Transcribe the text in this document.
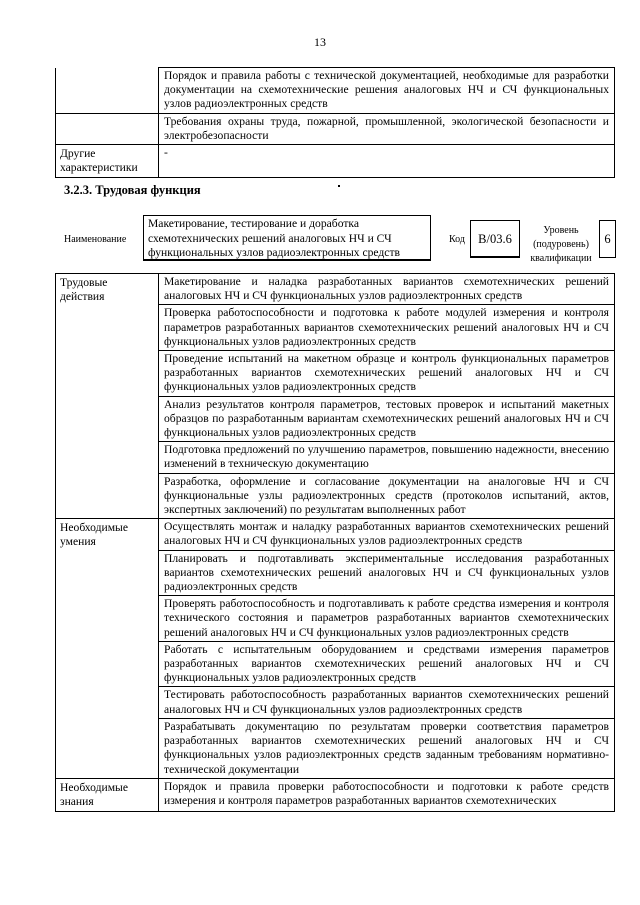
13
	Порядок и правила работы с технической документацией, необходимые для разработки документации на схемотехнические решения аналоговых НЧ и СЧ функциональных узлов радиоэлектронных средств
	Требования охраны труда, пожарной, промышленной, экологической безопасности и электробезопасности
Другие характеристики	-
3.2.3. Трудовая функция
Наименование
Макетирование, тестирование и доработка схемотехнических решений аналоговых НЧ и СЧ функциональных узлов радиоэлектронных средств
Код	B/03.6
Уровень (подуровень) квалификации
6
Трудовые действия	Макетирование и наладка разработанных вариантов схемотехнических решений аналоговых НЧ и СЧ функциональных узлов радиоэлектронных средств
	Проверка работоспособности и подготовка к работе модулей измерения и контроля параметров разработанных вариантов схемотехнических решений аналоговых НЧ и СЧ функциональных узлов радиоэлектронных средств
	Проведение испытаний на макетном образце и контроль функциональных параметров разработанных вариантов схемотехнических решений аналоговых НЧ и СЧ функциональных узлов радиоэлектронных средств
	Анализ результатов контроля параметров, тестовых проверок и испытаний макетных образцов по разработанным вариантам схемотехнических решений аналоговых НЧ и СЧ функциональных узлов радиоэлектронных средств
	Подготовка предложений по улучшению параметров, повышению надежности, внесению изменений в техническую документацию
	Разработка, оформление и согласование документации на аналоговые НЧ и СЧ функциональные узлы радиоэлектронных средств (протоколов испытаний, актов, экспертных заключений) по результатам выполненных работ
Необходимые умения	Осуществлять монтаж и наладку разработанных вариантов схемотехнических решений аналоговых НЧ и СЧ функциональных узлов радиоэлектронных средств
	Планировать и подготавливать экспериментальные исследования разработанных вариантов схемотехнических решений аналоговых НЧ и СЧ функциональных узлов радиоэлектронных средств
	Проверять работоспособность и подготавливать к работе средства измерения и контроля технического состояния и параметров разработанных вариантов схемотехнических решений аналоговых НЧ и СЧ функциональных узлов радиоэлектронных средств
	Работать с испытательным оборудованием и средствами измерения параметров разработанных вариантов схемотехнических решений аналоговых НЧ и СЧ функциональных узлов радиоэлектронных средств
	Тестировать работоспособность разработанных вариантов схемотехнических решений аналоговых НЧ и СЧ функциональных узлов радиоэлектронных средств
	Разрабатывать документацию по результатам проверки соответствия параметров разработанных вариантов схемотехнических решений аналоговых НЧ и СЧ функциональных узлов радиоэлектронных средств заданным требованиям нормативно-технической документации
Необходимые знания	Порядок и правила проверки работоспособности и подготовки к работе средств измерения и контроля параметров разработанных вариантов схемотехнических
